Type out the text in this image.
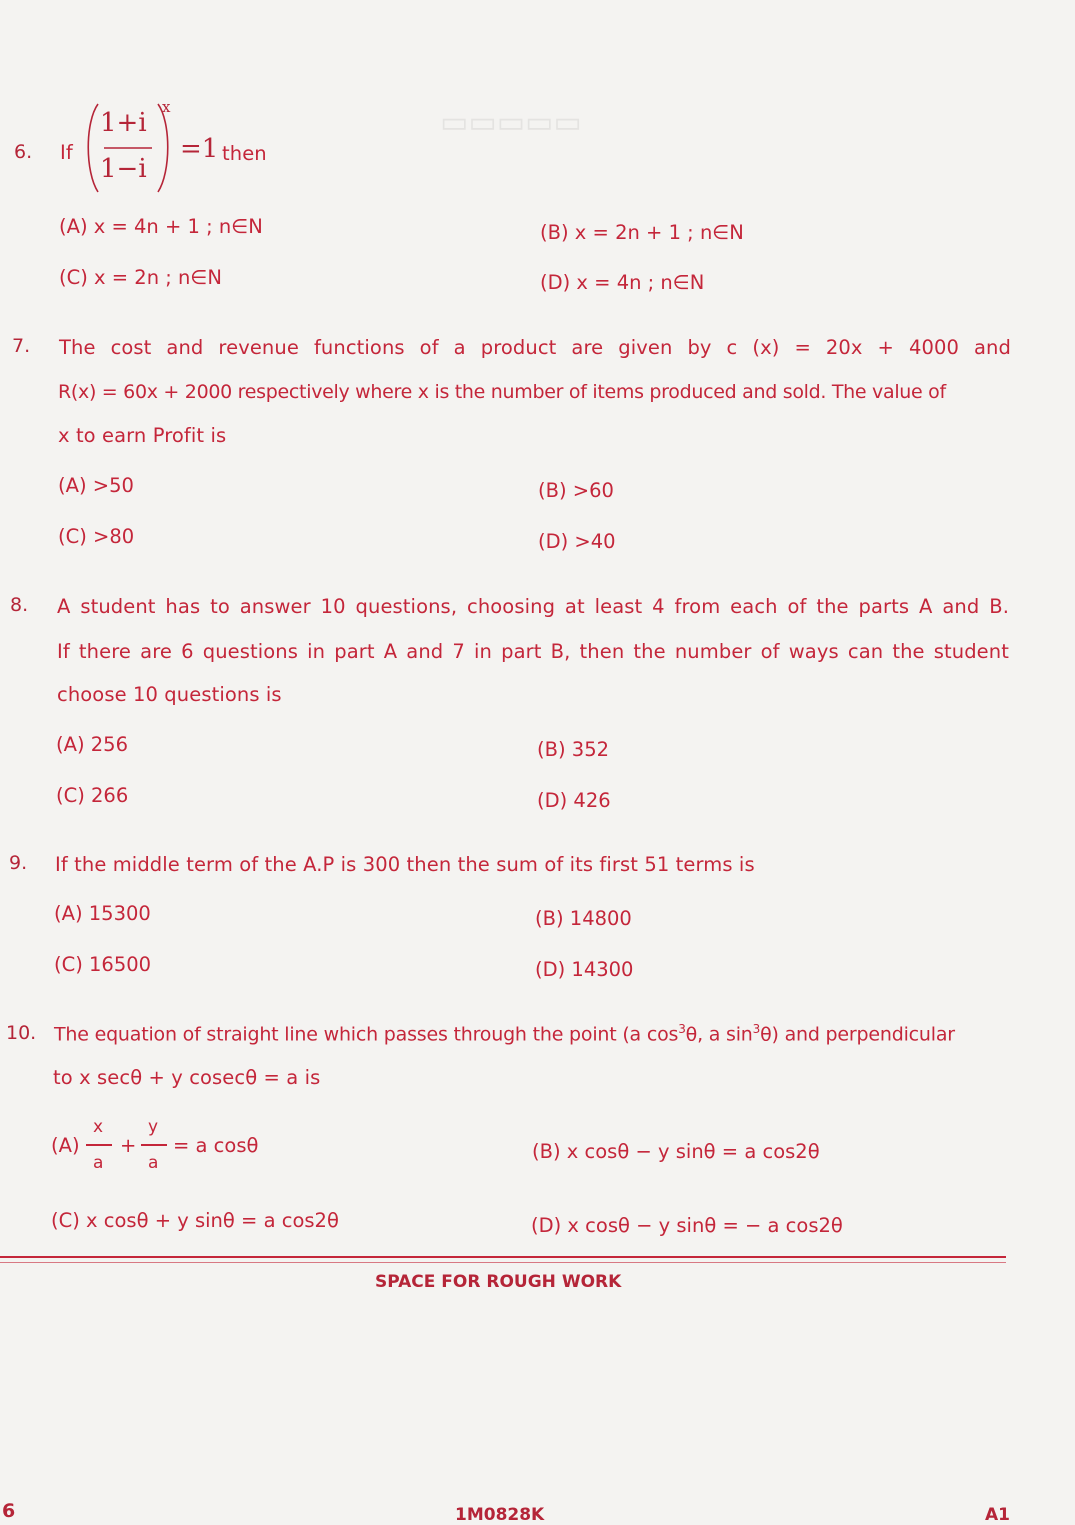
▭▭▭▭▭
6. If
1+i
1−i
x
=1 then
(A) x = 4n + 1 ; n∈N	(B) x = 2n + 1 ; n∈N
(C) x = 2n ; n∈N	(D) x = 4n ; n∈N
7. The cost and revenue functions of a product are given by c (x) = 20x + 4000 and
R(x) = 60x + 2000 respectively where x is the number of items produced and sold. The value of
x to earn Profit is
(A) >50	(B) >60
(C) >80	(D) >40
8. A student has to answer 10 questions, choosing at least 4 from each of the parts A and B.
If there are 6 questions in part A and 7 in part B, then the number of ways can the student
choose 10 questions is
(A) 256	(B) 352
(C) 266	(D) 426
9. If the middle term of the A.P is 300 then the sum of its first 51 terms is
(A) 15300	(B) 14800
(C) 16500	(D) 14300
10. The equation of straight line which passes through the point (a $\cos^3\theta$, a $\sin^3\theta$) and perpendicular
to x secθ + y cosecθ = a is
(A)
x
a
+
y
a
= a cosθ	(B) x cosθ − y sinθ = a cos2θ
(C) x cosθ + y sinθ = a cos2θ	(D) x cosθ − y sinθ = − a cos2θ
SPACE FOR ROUGH WORK
6	1M0828K	A1
